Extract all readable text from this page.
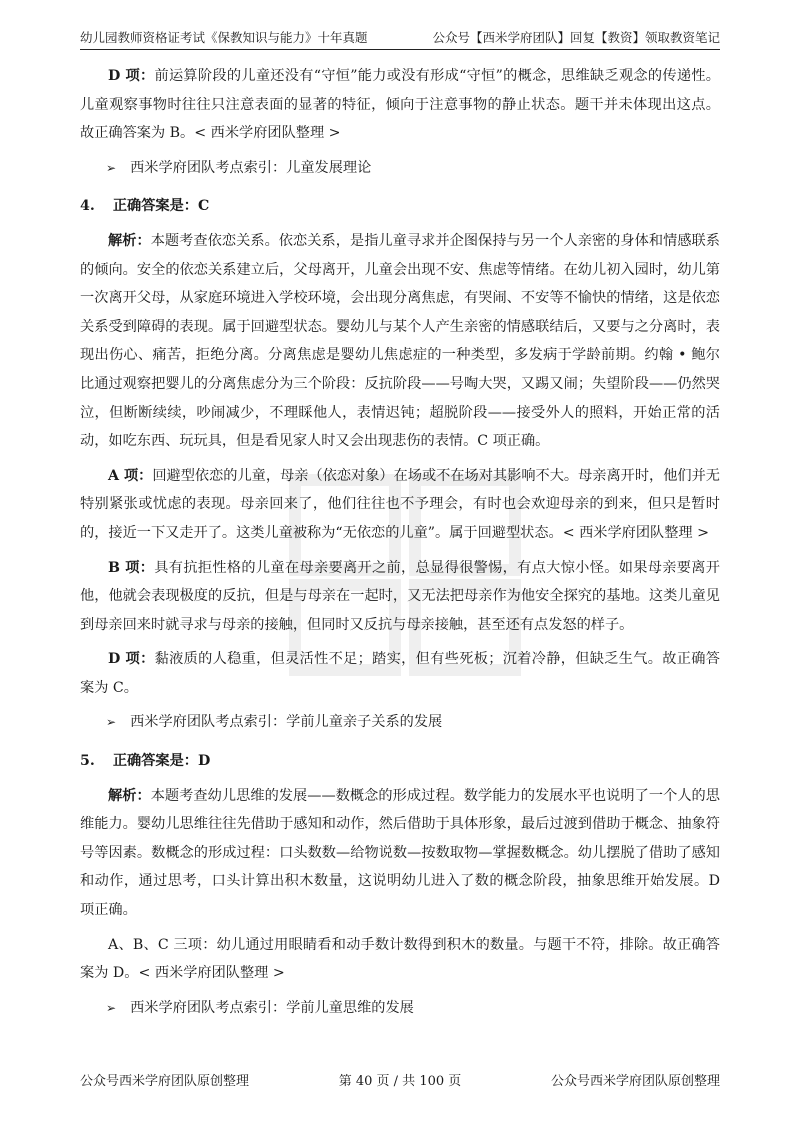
幼儿园教师资格证考试《保教知识与能力》十年真题	公众号【西米学府团队】回复【教资】领取教资笔记

D 项：前运算阶段的儿童还没有“守恒”能力或没有形成“守恒”的概念，思维缺乏观念的传递性。儿童观察事物时往往只注意表面的显著的特征，倾向于注意事物的静止状态。题干并未体现出这点。 故正确答案为 B。< 西米学府团队整理 >

➢ 西米学府团队考点索引：儿童发展理论
4. 正确答案是：C

解析：本题考查依恋关系。依恋关系，是指儿童寻求并企图保持与另一个人亲密的身体和情感联系的倾向。安全的依恋关系建立后，父母离开，儿童会出现不安、焦虑等情绪。在幼儿初入园时，幼儿第一次离开父母，从家庭环境进入学校环境，会出现分离焦虑，有哭闹、不安等不愉快的情绪，这是依恋关系受到障碍的表现。属于回避型状态。婴幼儿与某个人产生亲密的情感联结后，又要与之分离时，表现出伤心、痛苦，拒绝分离。分离焦虑是婴幼儿焦虑症的一种类型，多发病于学龄前期。约翰 • 鲍尔比通过观察把婴儿的分离焦虑分为三个阶段：反抗阶段——号啕大哭，又踢又闹；失望阶段——仍然哭泣，但断断续续，吵闹减少，不理睬他人，表情迟钝；超脱阶段——接受外人的照料，开始正常的活动，如吃东西、玩玩具，但是看见家人时又会出现悲伤的表情。C 项正确。

A 项：回避型依恋的儿童，母亲（依恋对象）在场或不在场对其影响不大。母亲离开时，他们并无特别紧张或忧虑的表现。母亲回来了，他们往往也不予理会，有时也会欢迎母亲的到来，但只是暂时的，接近一下又走开了。这类儿童被称为“无依恋的儿童”。属于回避型状态。< 西米学府团队整理 >

B 项：具有抗拒性格的儿童在母亲要离开之前，总显得很警惕，有点大惊小怪。如果母亲要离开他，他就会表现极度的反抗，但是与母亲在一起时，又无法把母亲作为他安全探究的基地。这类儿童见到母亲回来时就寻求与母亲的接触，但同时又反抗与母亲接触，甚至还有点发怒的样子。

D 项：黏液质的人稳重，但灵活性不足；踏实，但有些死板；沉着冷静，但缺乏生气。故正确答案为 C。

➢ 西米学府团队考点索引：学前儿童亲子关系的发展
5. 正确答案是：D

解析：本题考查幼儿思维的发展——数概念的形成过程。数学能力的发展水平也说明了一个人的思维能力。婴幼儿思维往往先借助于感知和动作，然后借助于具体形象，最后过渡到借助于概念、抽象符号等因素。数概念的形成过程：口头数数—给物说数—按数取物—掌握数概念。幼儿摆脱了借助了感知和动作，通过思考，口头计算出积木数量，这说明幼儿进入了数的概念阶段，抽象思维开始发展。D 项正确。

A、B、C 三项：幼儿通过用眼睛看和动手数计数得到积木的数量。与题干不符，排除。故正确答案为 D。< 西米学府团队整理 >

➢ 西米学府团队考点索引：学前儿童思维的发展
公众号西米学府团队原创整理	第 40 页 / 共 100 页	公众号西米学府团队原创整理
